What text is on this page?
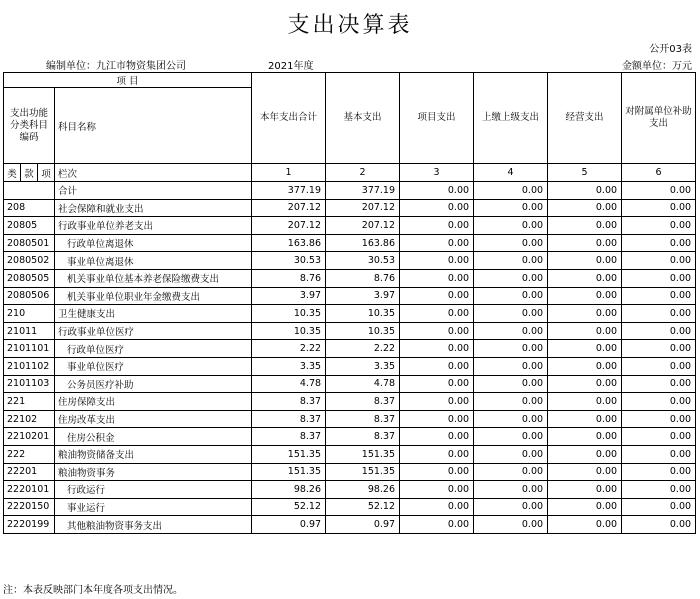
支出决算表
公开03表
编制单位：九江市物资集团公司	2021年度	金额单位：万元
项 目				本年支出合计	基本支出	项目支出	上缴上级支出	经营支出	对附属单位补助支出
支出功能分类科目编码			科目名称						
类	款	项	栏次	1	2	3	4	5	6
			合计	377.19	377.19	0.00	0.00	0.00	0.00
208			社会保障和就业支出	207.12	207.12	0.00	0.00	0.00	0.00
20805			行政事业单位养老支出	207.12	207.12	0.00	0.00	0.00	0.00
2080501			行政单位离退休	163.86	163.86	0.00	0.00	0.00	0.00
2080502			事业单位离退休	30.53	30.53	0.00	0.00	0.00	0.00
2080505			机关事业单位基本养老保险缴费支出	8.76	8.76	0.00	0.00	0.00	0.00
2080506			机关事业单位职业年金缴费支出	3.97	3.97	0.00	0.00	0.00	0.00
210			卫生健康支出	10.35	10.35	0.00	0.00	0.00	0.00
21011			行政事业单位医疗	10.35	10.35	0.00	0.00	0.00	0.00
2101101			行政单位医疗	2.22	2.22	0.00	0.00	0.00	0.00
2101102			事业单位医疗	3.35	3.35	0.00	0.00	0.00	0.00
2101103			公务员医疗补助	4.78	4.78	0.00	0.00	0.00	0.00
221			住房保障支出	8.37	8.37	0.00	0.00	0.00	0.00
22102			住房改革支出	8.37	8.37	0.00	0.00	0.00	0.00
2210201			住房公积金	8.37	8.37	0.00	0.00	0.00	0.00
222			粮油物资储备支出	151.35	151.35	0.00	0.00	0.00	0.00
22201			粮油物资事务	151.35	151.35	0.00	0.00	0.00	0.00
2220101			行政运行	98.26	98.26	0.00	0.00	0.00	0.00
2220150			事业运行	52.12	52.12	0.00	0.00	0.00	0.00
2220199			其他粮油物资事务支出	0.97	0.97	0.00	0.00	0.00	0.00
注：本表反映部门本年度各项支出情况。
